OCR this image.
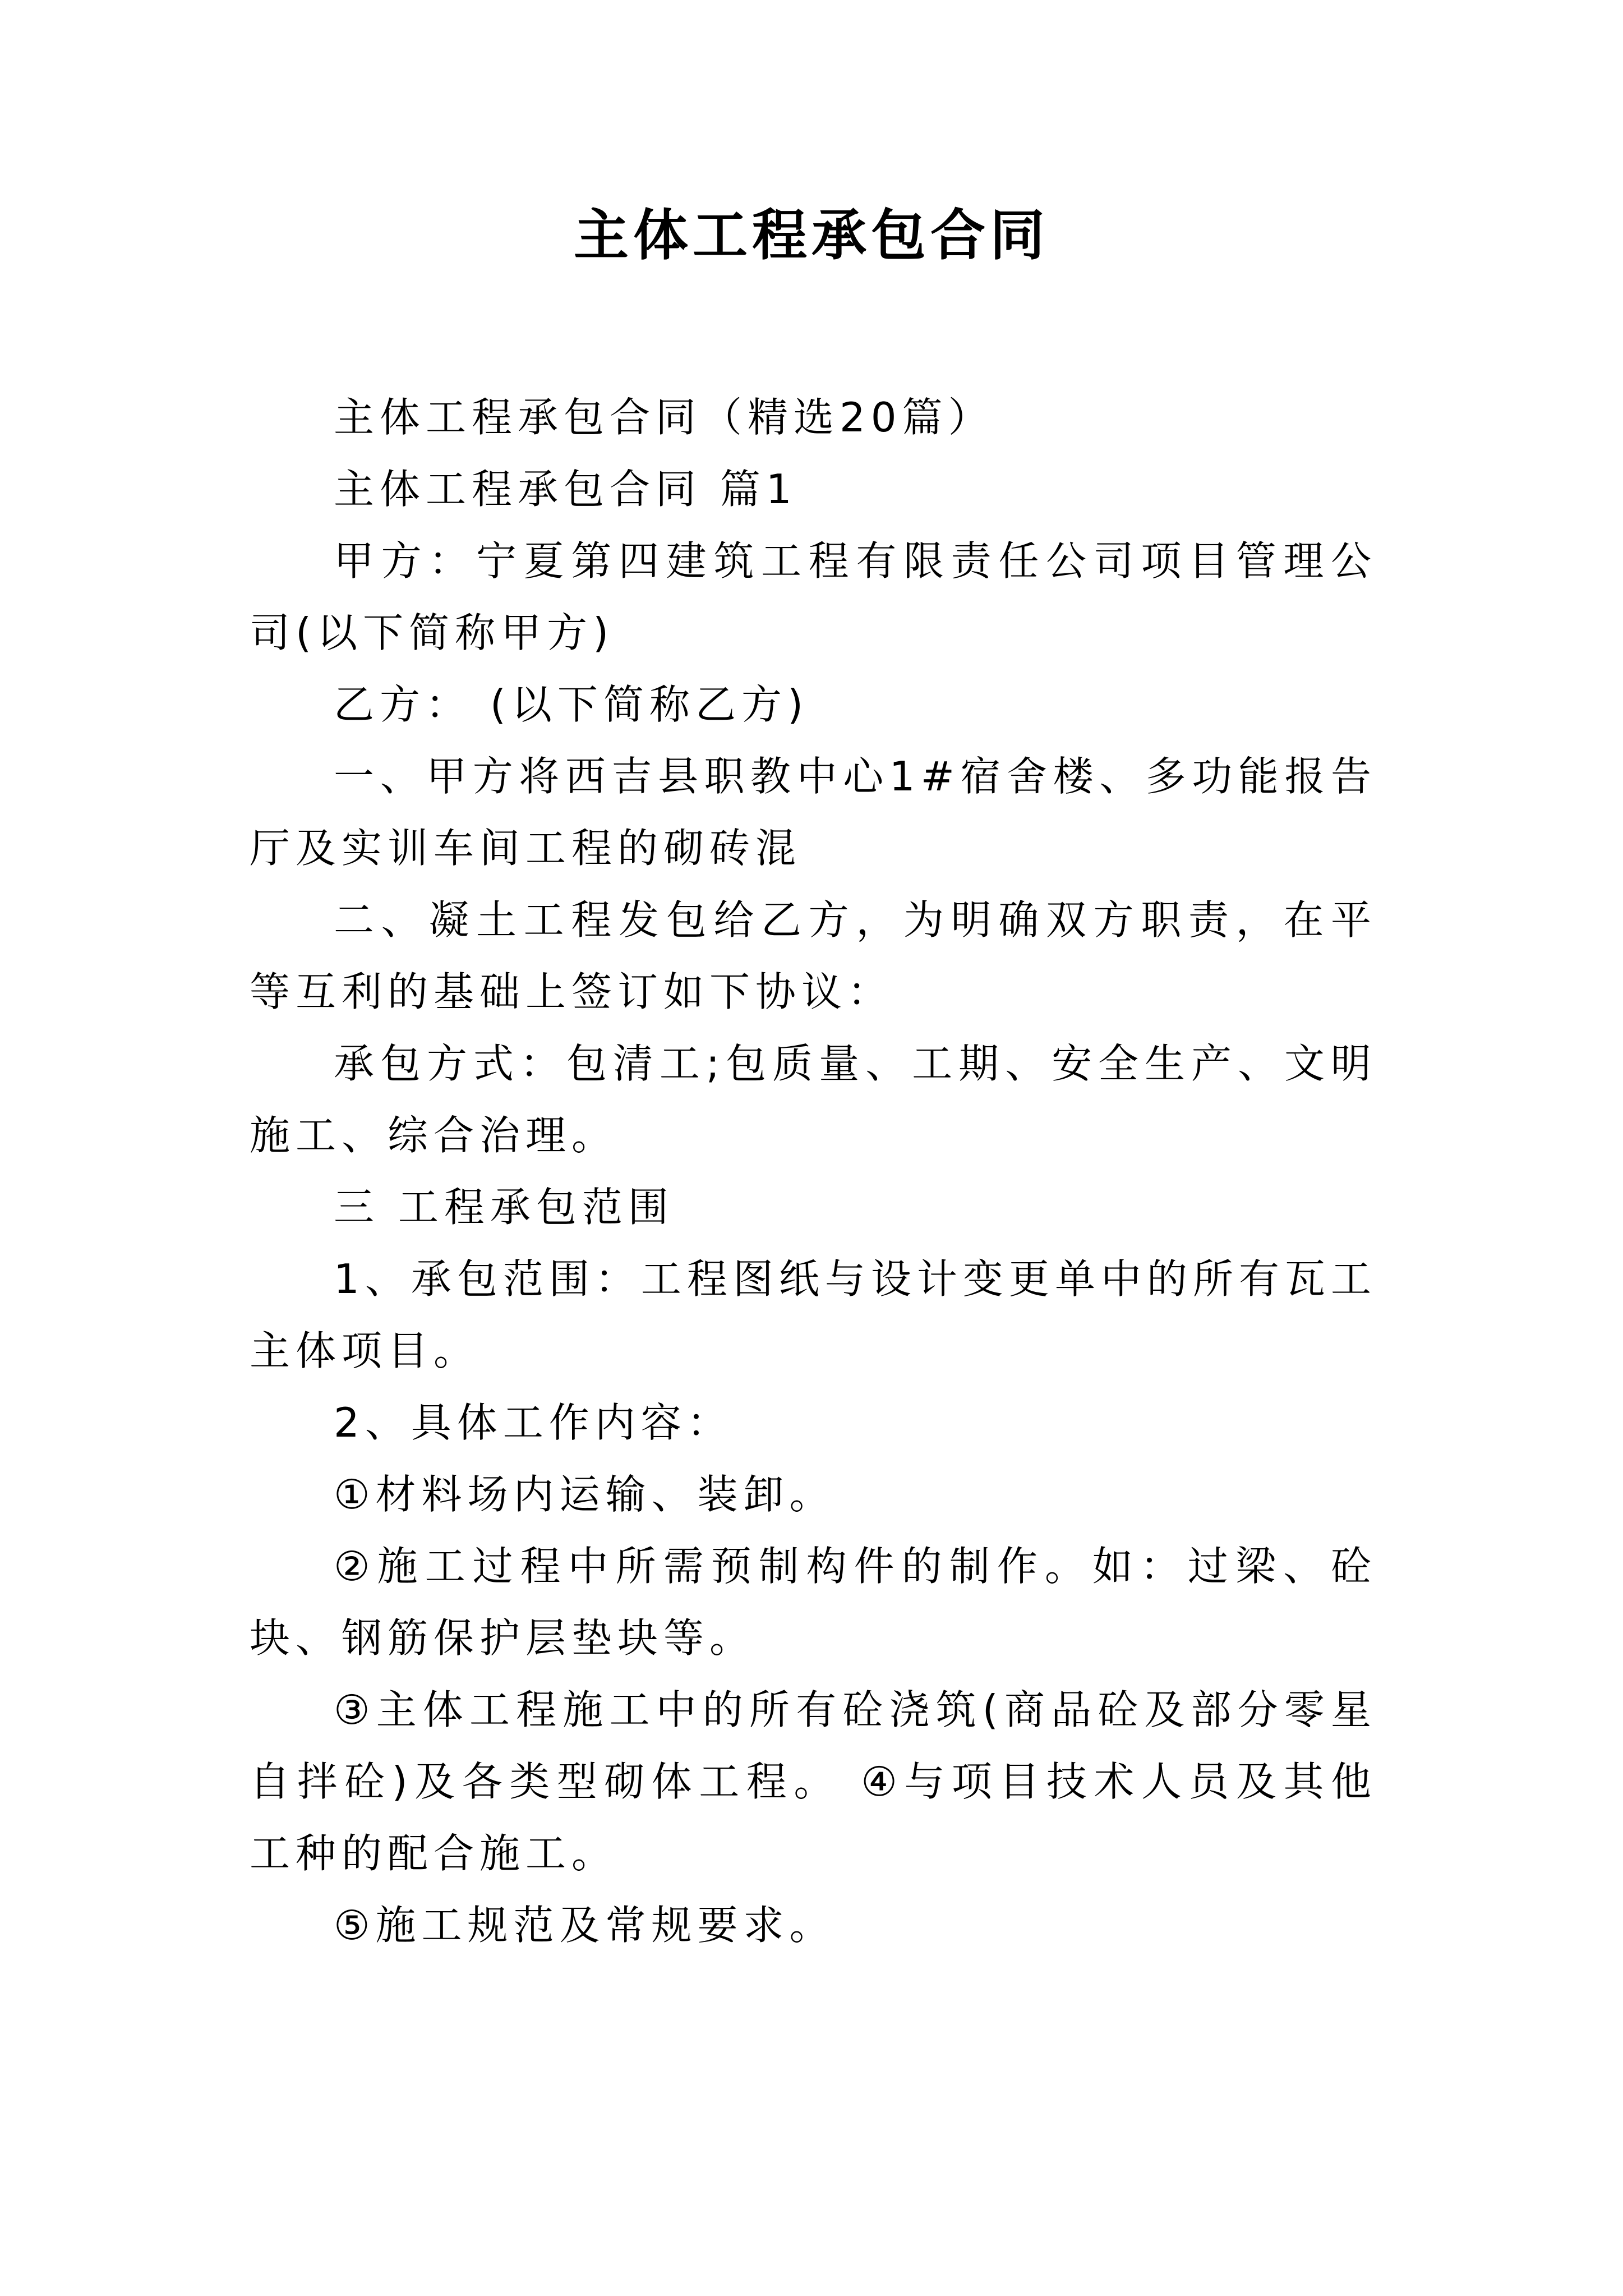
主体工程承包合同

主体工程承包合同（精选20篇）

主体工程承包合同 篇1

甲方：宁夏第四建筑工程有限责任公司项目管理公司(以下简称甲方)

乙方： (以下简称乙方)

一、甲方将西吉县职教中心1#宿舍楼、多功能报告厅及实训车间工程的砌砖混

二、凝土工程发包给乙方，为明确双方职责，在平等互利的基础上签订如下协议：

承包方式：包清工;包质量、工期、安全生产、文明施工、综合治理。

三 工程承包范围

1、承包范围：工程图纸与设计变更单中的所有瓦工主体项目。

2、具体工作内容：

①材料场内运输、装卸。

②施工过程中所需预制构件的制作。如：过梁、砼块、钢筋保护层垫块等。

③主体工程施工中的所有砼浇筑(商品砼及部分零星自拌砼)及各类型砌体工程。 ④与项目技术人员及其他工种的配合施工。

⑤施工规范及常规要求。
